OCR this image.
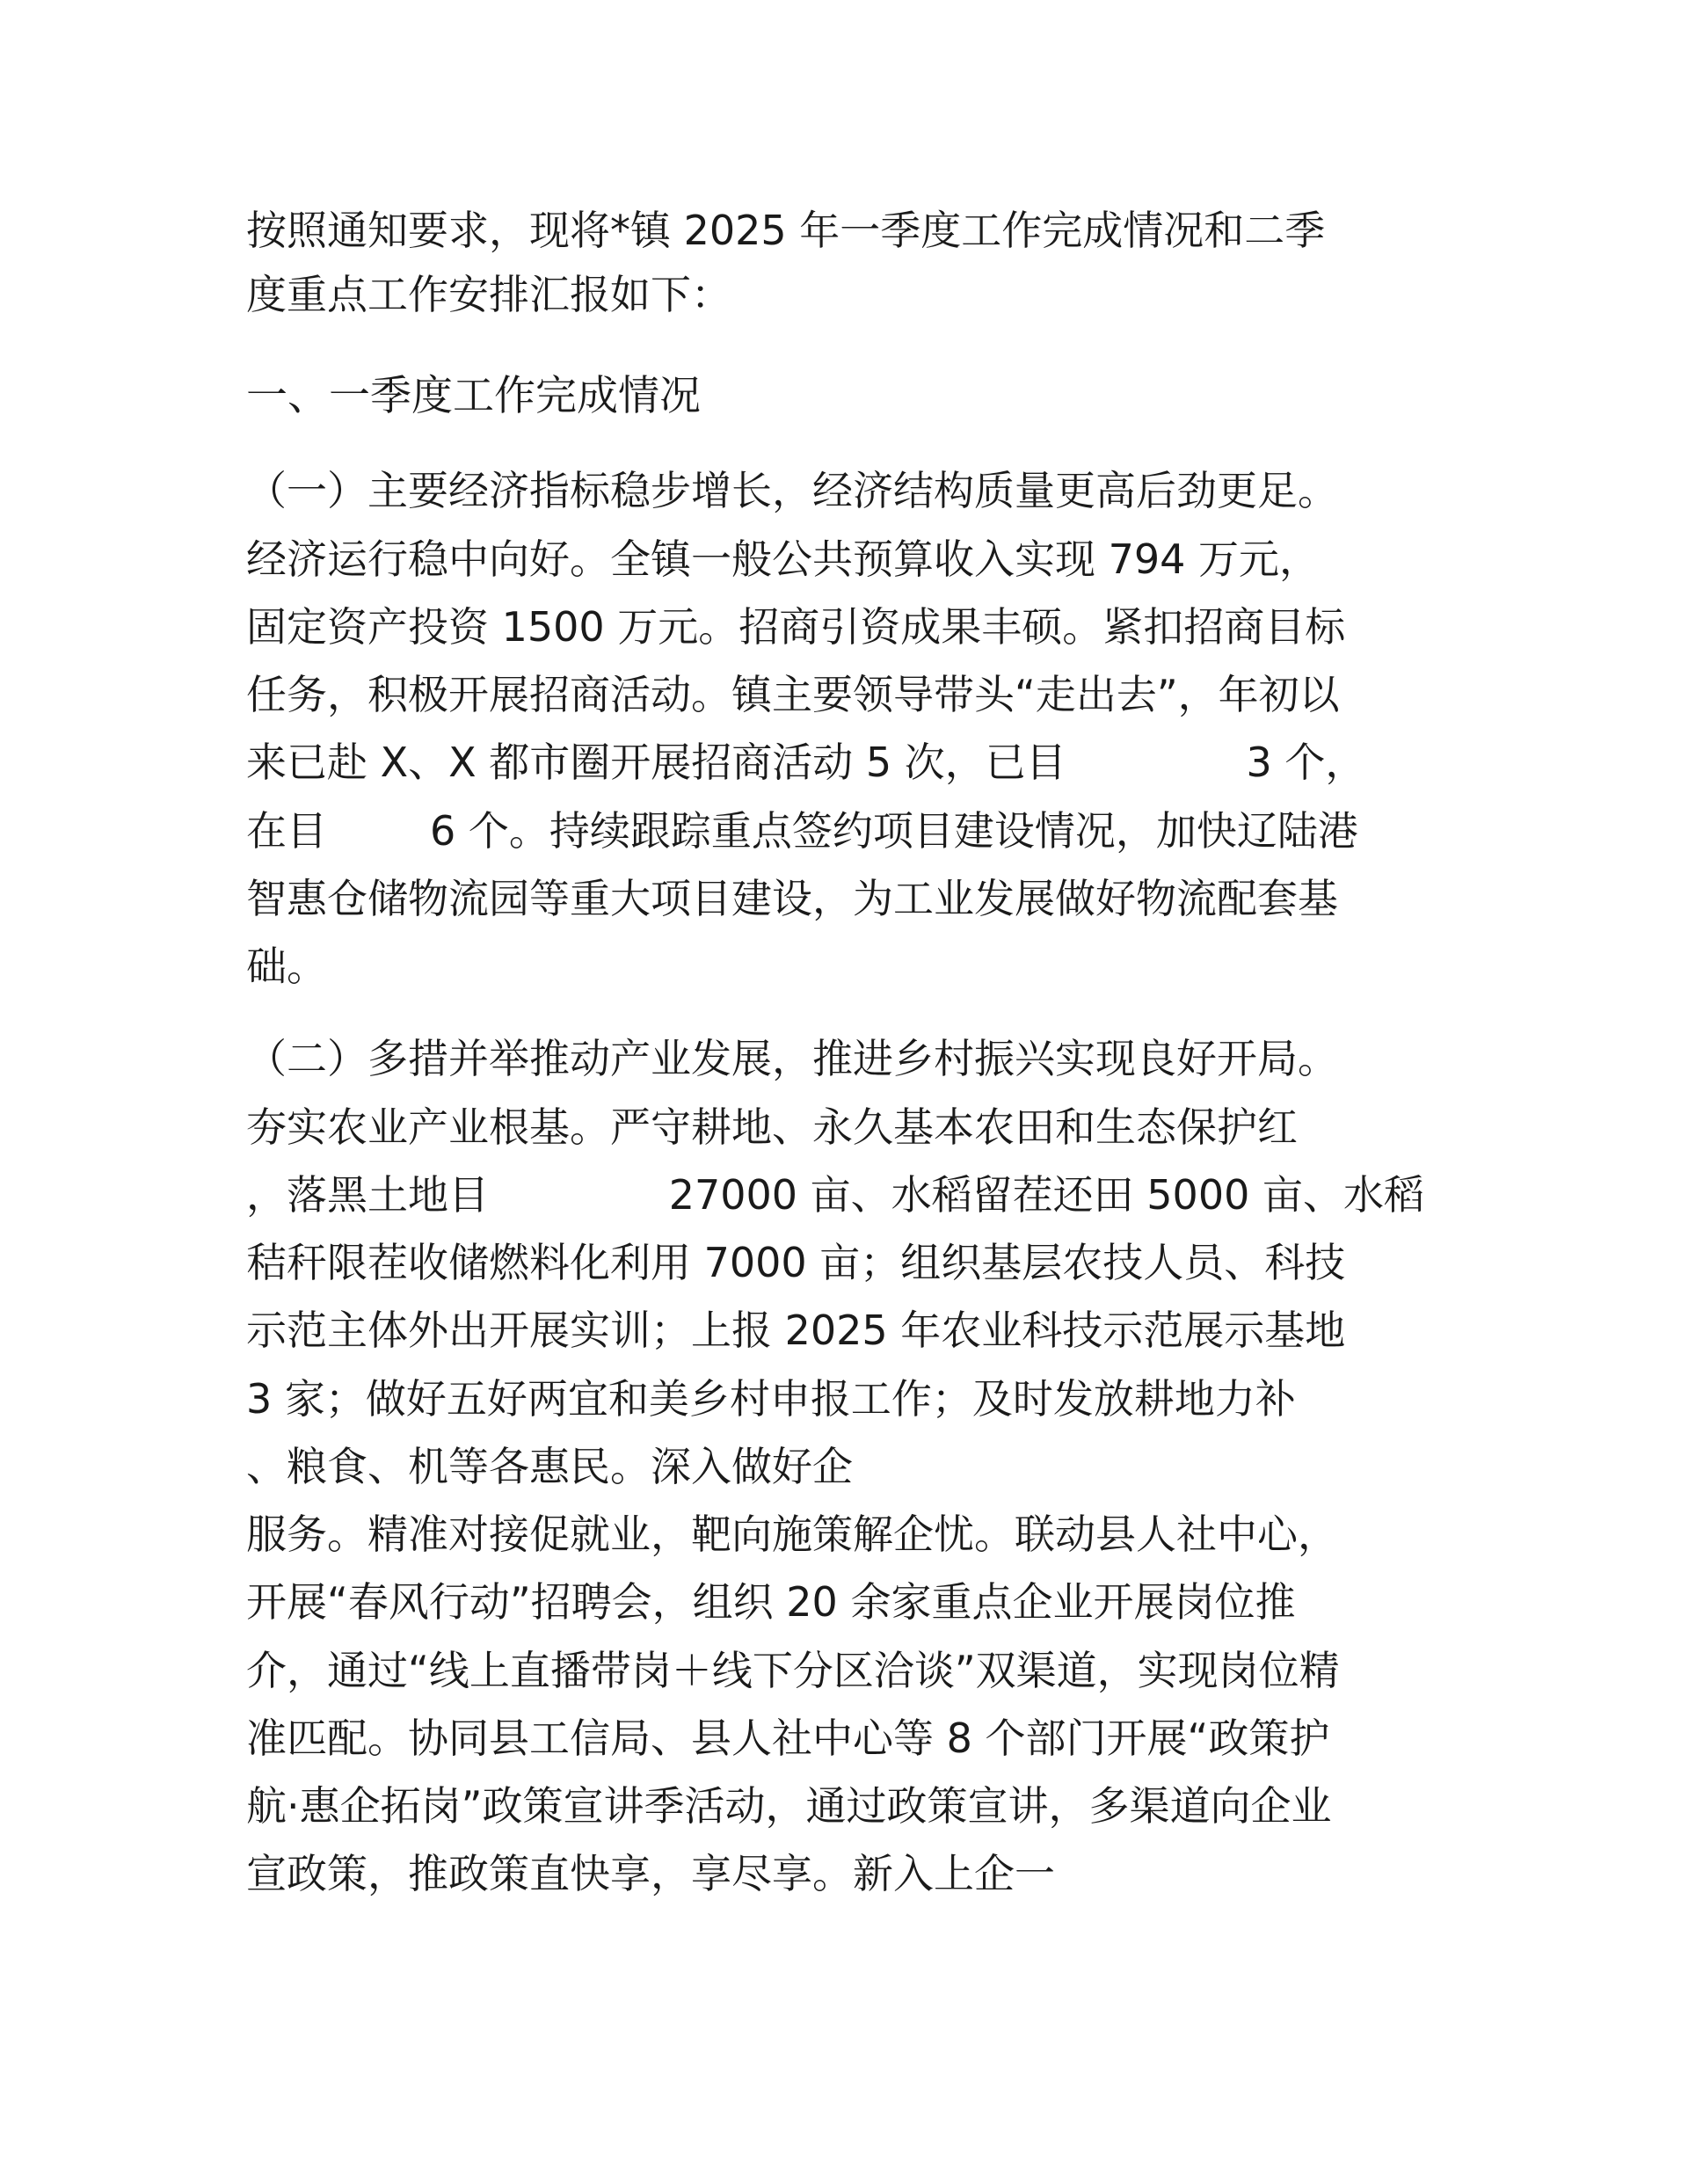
按照通知要求，现将*镇 2025 年一季度工作完成情况和二季
度重点工作安排汇报如下：
一、一季度工作完成情况
（一）主要经济指标稳步增长，经济结构质量更高后劲更足。
经济运行稳中向好。全镇一般公共预算收入实现 794 万元，
固定资产投资 1500 万元。招商引资成果丰硕。紧扣招商目标
任务，积极开展招商活动。镇主要领导带头“走出去”，年初以
来已赴 X、X 都市圈开展招商活动 5 次，已目              3 个，
在目        6 个。持续跟踪重点签约项目建设情况，加快辽陆港
智惠仓储物流园等重大项目建设，为工业发展做好物流配套基
础。
（二）多措并举推动产业发展，推进乡村振兴实现良好开局。
夯实农业产业根基。严守耕地、永久基本农田和生态保护红
，落黑土地目              27000 亩、水稻留茬还田 5000 亩、水稻
秸秆限茬收储燃料化利用 7000 亩；组织基层农技人员、科技
示范主体外出开展实训；上报 2025 年农业科技示范展示基地
3 家；做好五好两宜和美乡村申报工作；及时发放耕地力补
、粮食、机等各惠民。深入做好企
服务。精准对接促就业，靶向施策解企忧。联动县人社中心，
开展“春风行动”招聘会，组织 20 余家重点企业开展岗位推
介，通过“线上直播带岗＋线下分区洽谈”双渠道，实现岗位精
准匹配。协同县工信局、县人社中心等 8 个部门开展“政策护
航·惠企拓岗”政策宣讲季活动，通过政策宣讲，多渠道向企业
宣政策，推政策直快享，享尽享。新入上企一
